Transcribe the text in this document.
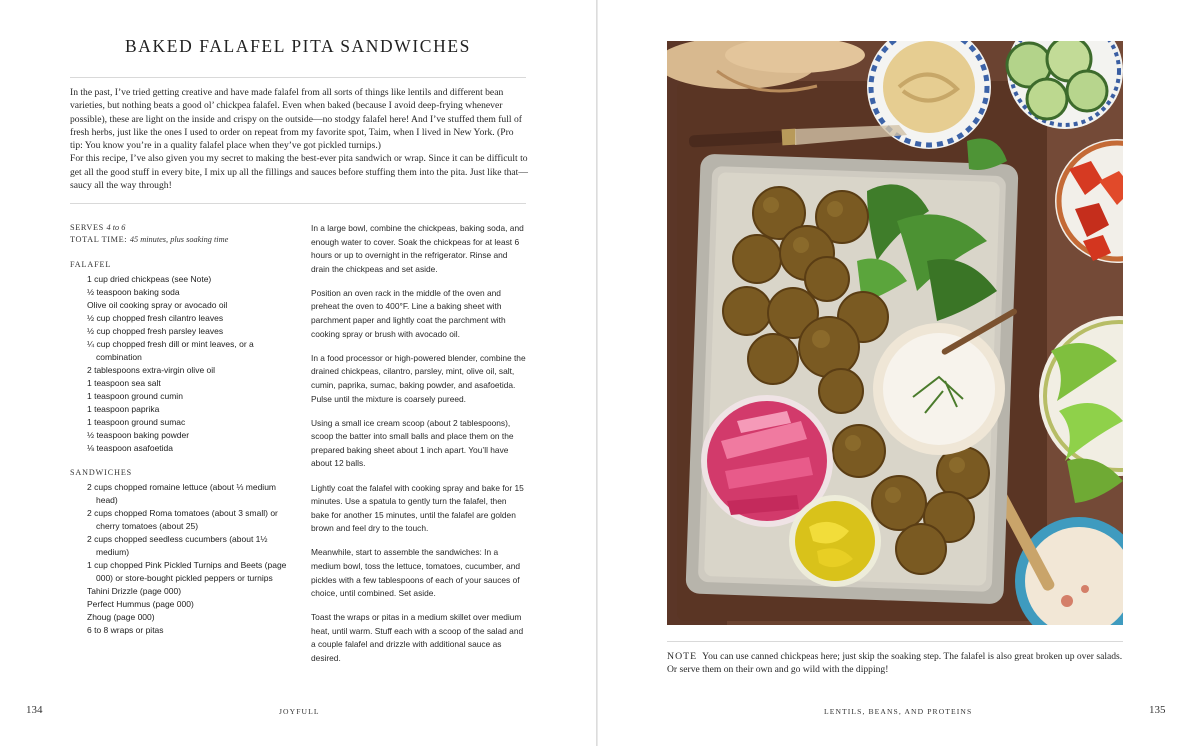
BAKED FALAFEL PITA SANDWICHES

In the past, I’ve tried getting creative and have made falafel from all sorts of things like lentils and different bean varieties, but nothing beats a good ol’ chickpea falafel. Even when baked (because I avoid deep-frying whenever possible), these are light on the inside and crispy on the outside—no stodgy falafel here! And I’ve stuffed them full of fresh herbs, just like the ones I used to order on repeat from my favorite spot, Taim, when I lived in New York. (Pro tip: You know you’re in a quality falafel place when they’ve got pickled turnips.)

For this recipe, I’ve also given you my secret to making the best-ever pita sandwich or wrap. Since it can be difficult to get all the good stuff in every bite, I mix up all the fillings and sauces before stuffing them into the pita. Just like that—saucy all the way through!

SERVES 4 to 6
TOTAL TIME: 45 minutes, plus soaking time
FALAFEL
1 cup dried chickpeas (see Note)
½ teaspoon baking soda
Olive oil cooking spray or avocado oil
½ cup chopped fresh cilantro leaves
½ cup chopped fresh parsley leaves
¼ cup chopped fresh dill or mint leaves, or a combination
2 tablespoons extra-virgin olive oil
1 teaspoon sea salt
1 teaspoon ground cumin
1 teaspoon paprika
1 teaspoon ground sumac
½ teaspoon baking powder
⅛ teaspoon asafoetida
SANDWICHES
2 cups chopped romaine lettuce (about ⅓ medium head)
2 cups chopped Roma tomatoes (about 3 small) or cherry tomatoes (about 25)
2 cups chopped seedless cucumbers (about 1½ medium)
1 cup chopped Pink Pickled Turnips and Beets (page 000) or store-bought pickled peppers or turnips
Tahini Drizzle (page 000)
Perfect Hummus (page 000)
Zhoug (page 000)
6 to 8 wraps or pitas

In a large bowl, combine the chickpeas, baking soda, and enough water to cover. Soak the chickpeas for at least 6 hours or up to overnight in the refrigerator. Rinse and drain the chickpeas and set aside.

Position an oven rack in the middle of the oven and preheat the oven to 400°F. Line a baking sheet with parchment paper and lightly coat the parchment with cooking spray or brush with avocado oil.

In a food processor or high-powered blender, combine the drained chickpeas, cilantro, parsley, mint, olive oil, salt, cumin, paprika, sumac, baking powder, and asafoetida. Pulse until the mixture is coarsely pureed.

Using a small ice cream scoop (about 2 tablespoons), scoop the batter into small balls and place them on the prepared baking sheet about 1 inch apart. You’ll have about 12 balls.

Lightly coat the falafel with cooking spray and bake for 15 minutes. Use a spatula to gently turn the falafel, then bake for another 15 minutes, until the falafel are golden brown and feel dry to the touch.

Meanwhile, start to assemble the sandwiches: In a medium bowl, toss the lettuce, tomatoes, cucumber, and pickles with a few tablespoons of each of your sauces of choice, until combined. Set aside.

Toast the wraps or pitas in a medium skillet over medium heat, until warm. Stuff each with a scoop of the salad and a couple falafel and drizzle with additional sauce as desired.

134	JOYFULL
NOTE You can use canned chickpeas here; just skip the soaking step. The falafel is also great broken up over salads. Or serve them on their own and go wild with the dipping!
LENTILS, BEANS, AND PROTEINS	135
